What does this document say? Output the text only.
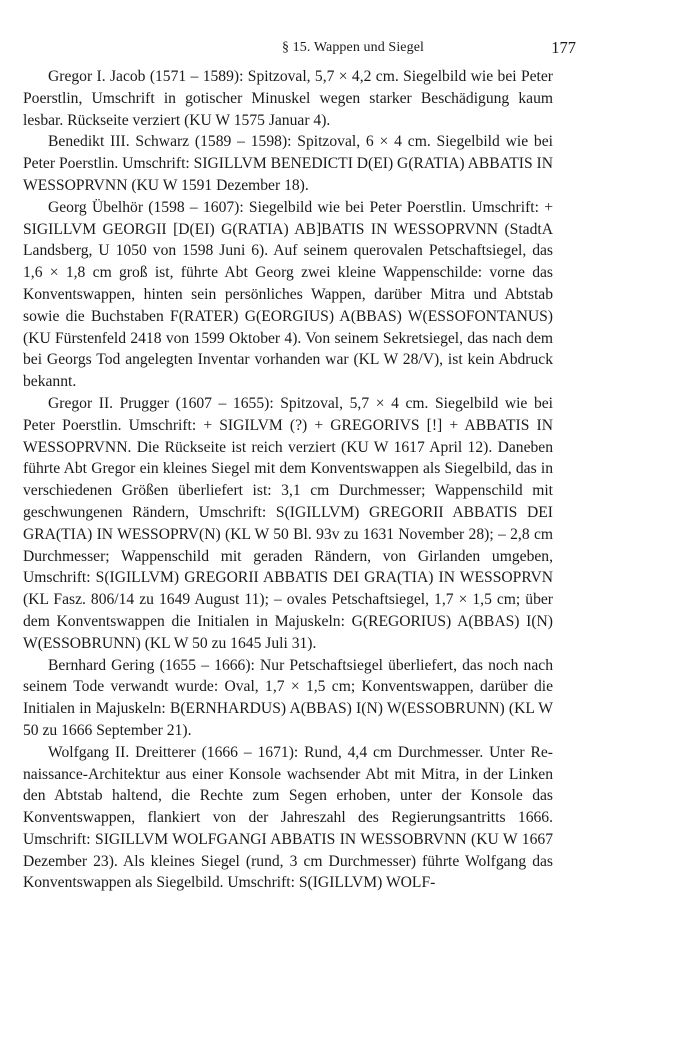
§ 15. Wappen und Siegel	177

Gregor I. Jacob (1571 – 1589): Spitzoval, 5,7 × 4,2 cm. Siegelbild wie bei Peter Poerstlin, Umschrift in gotischer Minuskel wegen starker Beschädigung kaum lesbar. Rückseite verziert (KU W 1575 Januar 4).

Benedikt III. Schwarz (1589 – 1598): Spitzoval, 6 × 4 cm. Siegelbild wie bei Peter Poerstlin. Umschrift: SIGILLVM BENEDICTI D(EI) G(RATIA) ABBATIS IN WESSOPRVNN (KU W 1591 Dezember 18).

Georg Übelhör (1598 – 1607): Siegelbild wie bei Peter Poerstlin. Umschrift: + SIGILLVM GEORGII [D(EI) G(RATIA) AB]BATIS IN WESSOPRVNN (StadtA Landsberg, U 1050 von 1598 Juni 6). Auf seinem querovalen Petschaftsiegel, das 1,6 × 1,8 cm groß ist, führte Abt Georg zwei kleine Wappenschilde: vorne das Konventswappen, hinten sein persönliches Wappen, darüber Mitra und Abtstab sowie die Buchstaben F(RATER) G(EORGIUS) A(BBAS) W(ESSOFONTANUS) (KU Fürstenfeld 2418 von 1599 Oktober 4). Von seinem Sekretsiegel, das nach dem bei Georgs Tod angelegten Inventar vorhanden war (KL W 28/V), ist kein Abdruck bekannt.

Gregor II. Prugger (1607 – 1655): Spitzoval, 5,7 × 4 cm. Siegelbild wie bei Peter Poerstlin. Umschrift: + SIGILVM (?) + GREGORIVS [!] + ABBATIS IN WESSOPRVNN. Die Rückseite ist reich verziert (KU W 1617 April 12). Daneben führte Abt Gregor ein kleines Siegel mit dem Konventswappen als Siegelbild, das in verschiedenen Größen überliefert ist: 3,1 cm Durchmesser; Wappenschild mit geschwungenen Rändern, Umschrift: S(IGILLVM) GREGORII ABBATIS DEI GRA(TIA) IN WESSOPRV(N) (KL W 50 Bl. 93v zu 1631 November 28); – 2,8 cm Durchmesser; Wappenschild mit geraden Rändern, von Girlanden umgeben, Umschrift: S(IGILLVM) GREGORII ABBATIS DEI GRA(TIA) IN WESSOPRVN (KL Fasz. 806/14 zu 1649 August 11); – ovales Petschaftsiegel, 1,7 × 1,5 cm; über dem Konventswappen die Initialen in Majuskeln: G(REGORIUS) A(BBAS) I(N) W(ESSOBRUNN) (KL W 50 zu 1645 Juli 31).

Bernhard Gering (1655 – 1666): Nur Petschaftsiegel überliefert, das noch nach seinem Tode verwandt wurde: Oval, 1,7 × 1,5 cm; Konventswappen, darüber die Initialen in Majuskeln: B(ERNHARDUS) A(BBAS) I(N) W(ESSOBRUNN) (KL W 50 zu 1666 September 21).

Wolfgang II. Dreitterer (1666 – 1671): Rund, 4,4 cm Durchmesser. Unter Renaissance-Architektur aus einer Konsole wachsender Abt mit Mitra, in der Linken den Abtstab haltend, die Rechte zum Segen erhoben, unter der Konsole das Konventswappen, flankiert von der Jahreszahl des Regierungsantritts 1666. Umschrift: SIGILLVM WOLFGANGI ABBATIS IN WESSOBRVNN (KU W 1667 Dezember 23). Als kleines Siegel (rund, 3 cm Durchmesser) führte Wolfgang das Konventswappen als Siegelbild. Umschrift: S(IGILLVM) WOLF-
